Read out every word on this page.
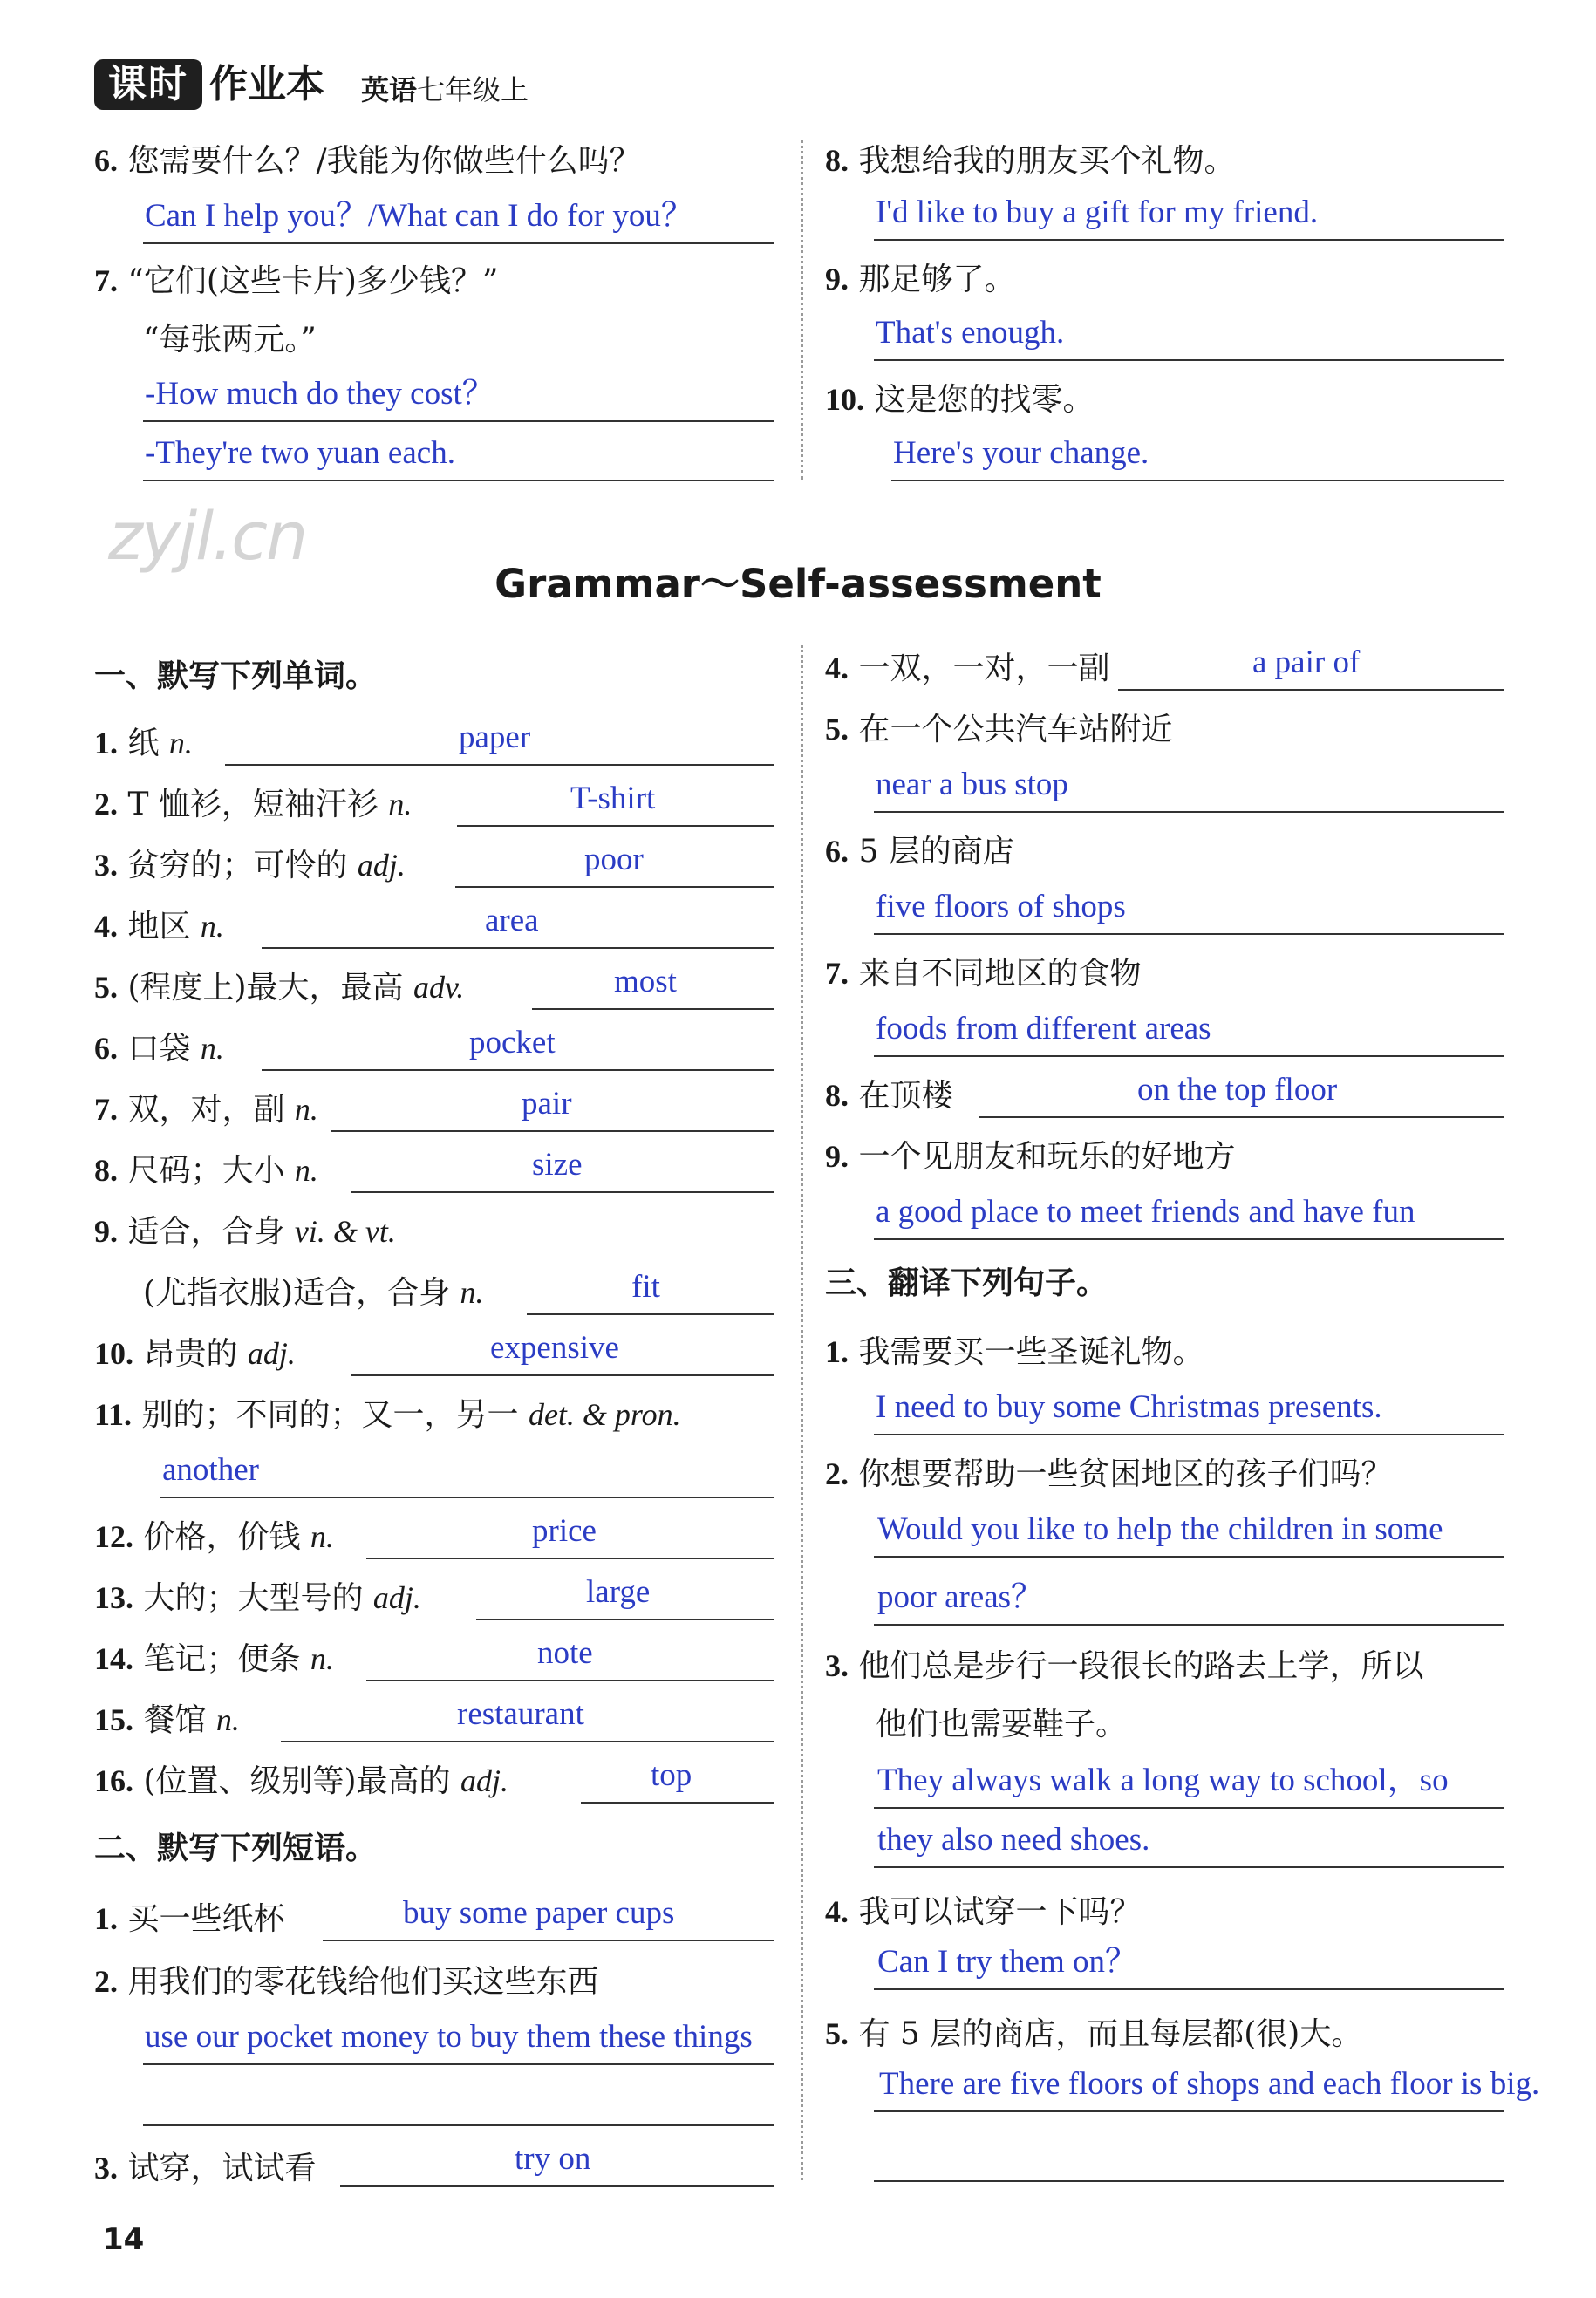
课时 作业本 英语七年级上
6. 您需要什么？/我能为你做些什么吗？
Can I help you？/What can I do for you？
7. “它们(这些卡片)多少钱？”
“每张两元。”
-How much do they cost？
-They're two yuan each.
8. 我想给我的朋友买个礼物。
I'd like to buy a gift for my friend.
9. 那足够了。
That's enough.
10. 这是您的找零。
Here's your change.
zyjl.cn
Grammar～Self-assessment
一、默写下列单词。
1. 纸 n.	paper
2. T 恤衫，短袖汗衫 n.	T-shirt
3. 贫穷的；可怜的 adj.	poor
4. 地区 n.	area
5. (程度上)最大，最高 adv.	most
6. 口袋 n.	pocket
7. 双，对，副 n.	pair
8. 尺码；大小 n.	size
9. 适合，合身 vi. & vt.
(尤指衣服)适合，合身 n.	fit
10. 昂贵的 adj.	expensive
11. 别的；不同的；又一，另一 det. & pron.
another
12. 价格，价钱 n.	price
13. 大的；大型号的 adj.	large
14. 笔记；便条 n.	note
15. 餐馆 n.	restaurant
16. (位置、级别等)最高的 adj.	top
二、默写下列短语。
1. 买一些纸杯	buy some paper cups
2. 用我们的零花钱给他们买这些东西
use our pocket money to buy them these things
3. 试穿，试试看	try on
4. 一双，一对，一副	a pair of
5. 在一个公共汽车站附近
near a bus stop
6. 5 层的商店
five floors of shops
7. 来自不同地区的食物
foods from different areas
8. 在顶楼	on the top floor
9. 一个见朋友和玩乐的好地方
a good place to meet friends and have fun
三、翻译下列句子。
1. 我需要买一些圣诞礼物。
I need to buy some Christmas presents.
2. 你想要帮助一些贫困地区的孩子们吗？
Would you like to help the children in some
poor areas？
3. 他们总是步行一段很长的路去上学，所以
他们也需要鞋子。
They always walk a long way to school，so
they also need shoes.
4. 我可以试穿一下吗？
Can I try them on？
5. 有 5 层的商店，而且每层都(很)大。
There are five floors of shops and each floor is big.
14
